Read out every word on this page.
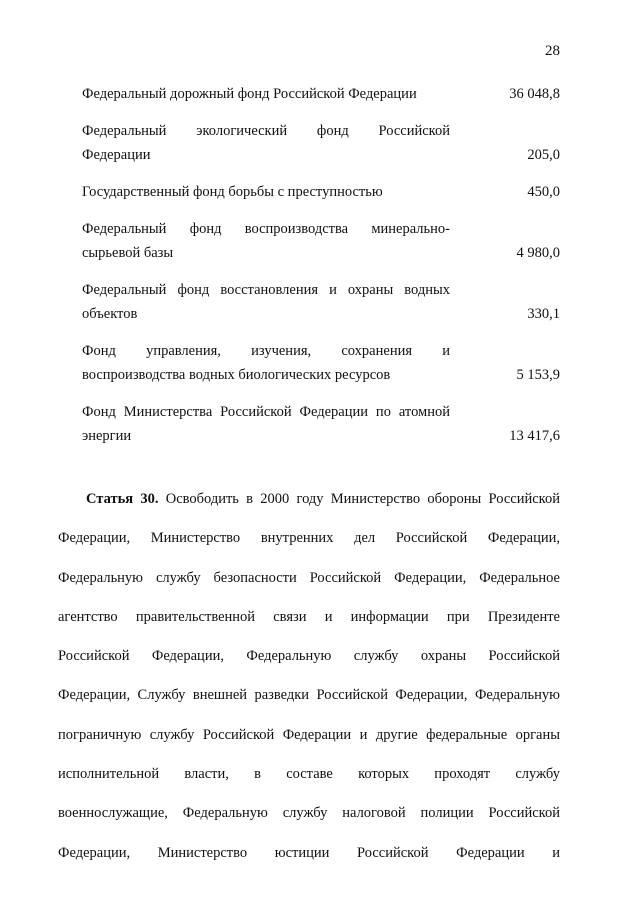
28
Федеральный дорожный фонд Российской Федерации	36 048,8
Федеральный экологический фонд Российской
Федерации	205,0
Государственный фонд борьбы с преступностью	450,0
Федеральный фонд воспроизводства минерально-
сырьевой базы	4 980,0
Федеральный фонд восстановления и охраны водных
объектов	330,1
Фонд управления, изучения, сохранения и
воспроизводства водных биологических ресурсов	5 153,9
Фонд Министерства Российской Федерации по атомной
энергии	13 417,6
Статья 30. Освободить в 2000 году Министерство обороны Российской
Федерации, Министерство внутренних дел Российской Федерации,
Федеральную службу безопасности Российской Федерации, Федеральное
агентство правительственной связи и информации при Президенте
Российской Федерации, Федеральную службу охраны Российской
Федерации, Службу внешней разведки Российской Федерации, Федеральную
пограничную службу Российской Федерации и другие федеральные органы
исполнительной власти, в составе которых проходят службу
военнослужащие, Федеральную службу налоговой полиции Российской
Федерации, Министерство юстиции Российской Федерации и
